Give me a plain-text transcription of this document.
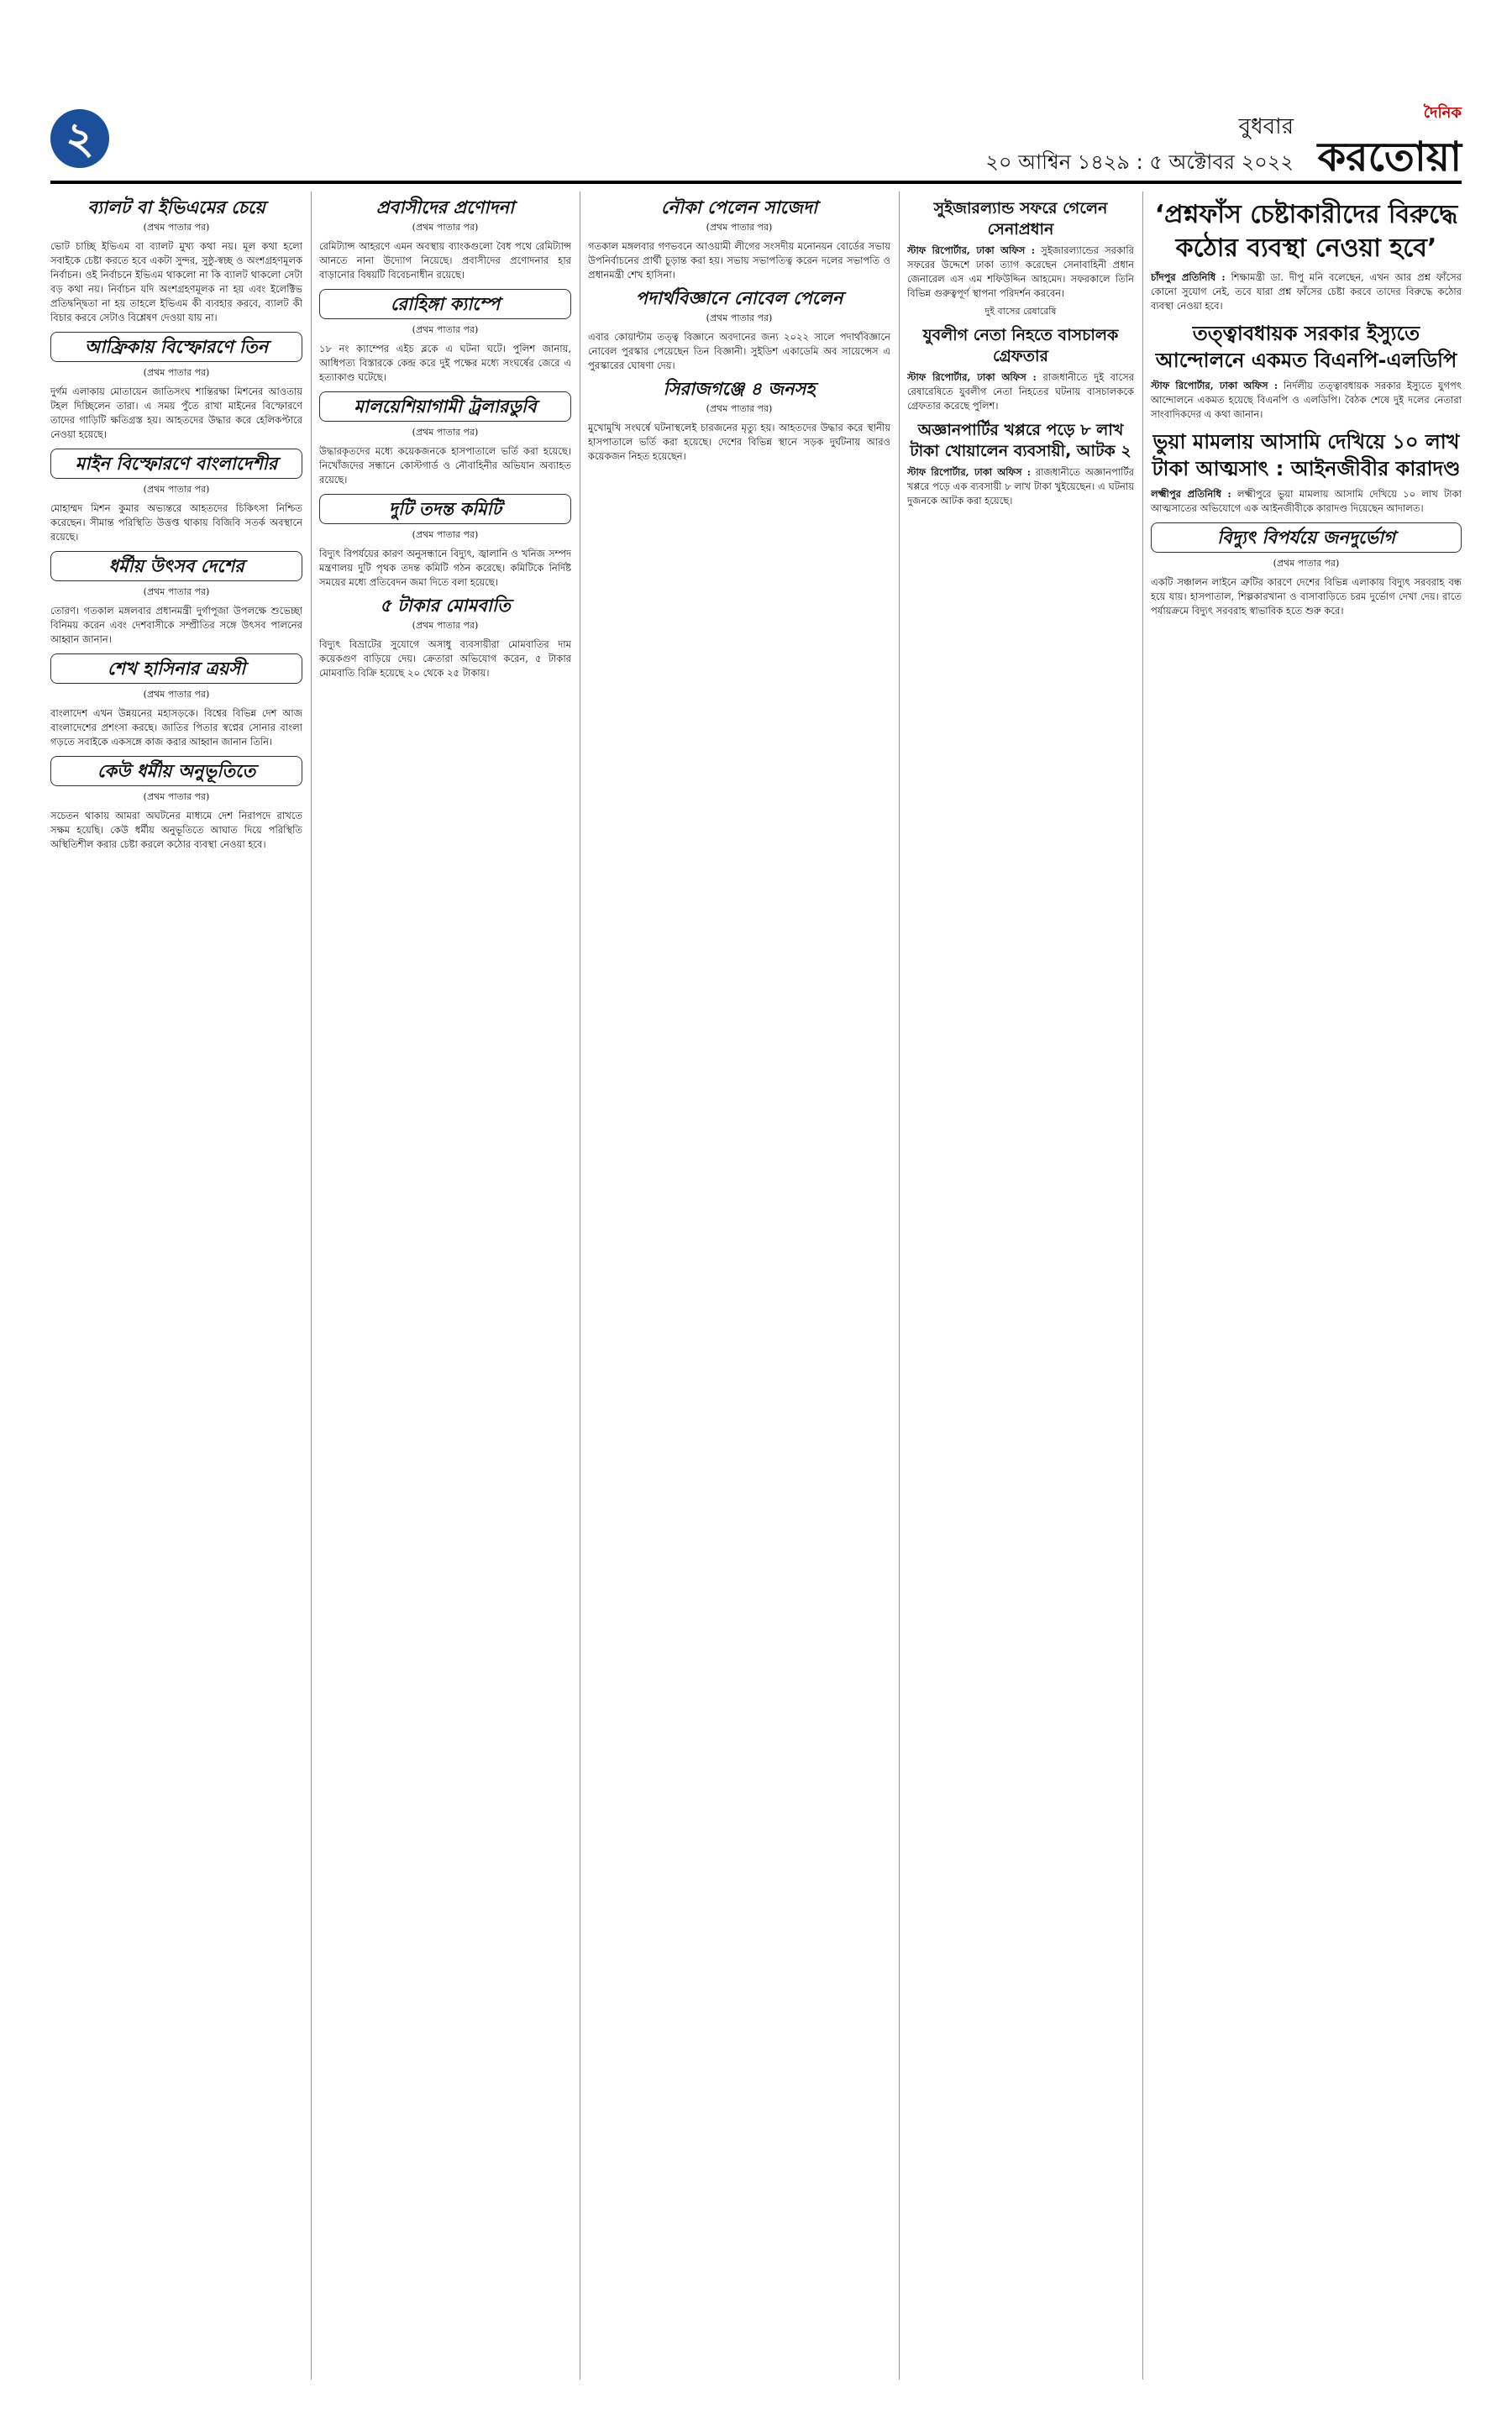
২	বুধবার
২০ আশ্বিন ১৪২৯ : ৫ অক্টোবর ২০২২
দৈনিক
করতোয়া
ব্যালট বা ইভিএমের চেয়ে
(প্রথম পাতার পর)

ভোট চাচ্ছি ইভিএম বা ব্যালট মুখ্য কথা নয়। মূল কথা হলো সবাইকে চেষ্টা করতে হবে একটা সুন্দর, সুষ্ঠু-স্বচ্ছ ও অংশগ্রহণমূলক নির্বাচন। ওই নির্বাচনে ইভিএম থাকলো না কি ব্যালট থাকলো সেটা বড় কথা নয়। নির্বাচন যদি অংশগ্রহণমূলক না হয় এবং ইলেক্টিভ প্রতিদ্বন্দ্বিতা না হয় তাহলে ইভিএম কী ব্যবহার করবে, ব্যালট কী বিচার করবে সেটাও বিশ্লেষণ দেওয়া যায় না।

আফ্রিকায় বিস্ফোরণে তিন
(প্রথম পাতার পর)

দুর্গম এলাকায় মোতায়েন জাতিসংঘ শান্তিরক্ষা মিশনের আওতায় টহল দিচ্ছিলেন তারা। এ সময় পুঁতে রাখা মাইনের বিস্ফোরণে তাদের গাড়িটি ক্ষতিগ্রস্ত হয়। আহতদের উদ্ধার করে হেলিকপ্টারে নেওয়া হয়েছে।

মাইন বিস্ফোরণে বাংলাদেশীর
(প্রথম পাতার পর)

মোহাম্মদ মিশন কুমার অভ্যন্তরে আহতদের চিকিৎসা নিশ্চিত করেছেন। সীমান্ত পরিস্থিতি উত্তপ্ত থাকায় বিজিবি সতর্ক অবস্থানে রয়েছে।

ধর্মীয় উৎসব দেশের
(প্রথম পাতার পর)

তোরণ। গতকাল মঙ্গলবার প্রধানমন্ত্রী দুর্গাপূজা উপলক্ষে শুভেচ্ছা বিনিময় করেন এবং দেশবাসীকে সম্প্রীতির সঙ্গে উৎসব পালনের আহ্বান জানান।

শেখ হাসিনার ত্রয়সী
(প্রথম পাতার পর)

বাংলাদেশ এখন উন্নয়নের মহাসড়কে। বিশ্বের বিভিন্ন দেশ আজ বাংলাদেশের প্রশংসা করছে। জাতির পিতার স্বপ্নের সোনার বাংলা গড়তে সবাইকে একসঙ্গে কাজ করার আহ্বান জানান তিনি।

কেউ ধর্মীয় অনুভূতিতে
(প্রথম পাতার পর)

সচেতন থাকায় আমরা অঘটনের মাধ্যমে দেশ নিরাপদে রাখতে সক্ষম হয়েছি। কেউ ধর্মীয় অনুভূতিতে আঘাত দিয়ে পরিস্থিতি অস্থিতিশীল করার চেষ্টা করলে কঠোর ব্যবস্থা নেওয়া হবে।

প্রবাসীদের প্রণোদনা
(প্রথম পাতার পর)

রেমিট্যান্স আহরণে এমন অবস্থায় ব্যাংকগুলো বৈধ পথে রেমিট্যান্স আনতে নানা উদ্যোগ নিয়েছে। প্রবাসীদের প্রণোদনার হার বাড়ানোর বিষয়টি বিবেচনাধীন রয়েছে।

রোহিঙ্গা ক্যাম্পে
(প্রথম পাতার পর)

১৮ নং ক্যাম্পের এইচ ব্লকে এ ঘটনা ঘটে। পুলিশ জানায়, আধিপত্য বিস্তারকে কেন্দ্র করে দুই পক্ষের মধ্যে সংঘর্ষের জেরে এ হত্যাকাণ্ড ঘটেছে।

মালয়েশিয়াগামী ট্রলারডুবি
(প্রথম পাতার পর)

উদ্ধারকৃতদের মধ্যে কয়েকজনকে হাসপাতালে ভর্তি করা হয়েছে। নিখোঁজদের সন্ধানে কোস্টগার্ড ও নৌবাহিনীর অভিযান অব্যাহত রয়েছে।

দুটি তদন্ত কমিটি
(প্রথম পাতার পর)

বিদ্যুৎ বিপর্যয়ের কারণ অনুসন্ধানে বিদ্যুৎ, জ্বালানি ও খনিজ সম্পদ মন্ত্রণালয় দুটি পৃথক তদন্ত কমিটি গঠন করেছে। কমিটিকে নির্দিষ্ট সময়ের মধ্যে প্রতিবেদন জমা দিতে বলা হয়েছে।

৫ টাকার মোমবাতি
(প্রথম পাতার পর)

বিদ্যুৎ বিভ্রাটের সুযোগে অসাধু ব্যবসায়ীরা মোমবাতির দাম কয়েকগুণ বাড়িয়ে দেয়। ক্রেতারা অভিযোগ করেন, ৫ টাকার মোমবাতি বিক্রি হয়েছে ২০ থেকে ২৫ টাকায়।

নৌকা পেলেন সাজেদা
(প্রথম পাতার পর)

গতকাল মঙ্গলবার গণভবনে আওয়ামী লীগের সংসদীয় মনোনয়ন বোর্ডের সভায় উপনির্বাচনের প্রার্থী চূড়ান্ত করা হয়। সভায় সভাপতিত্ব করেন দলের সভাপতি ও প্রধানমন্ত্রী শেখ হাসিনা।

পদার্থবিজ্ঞানে নোবেল পেলেন
(প্রথম পাতার পর)

এবার কোয়ান্টাম তত্ত্ব বিজ্ঞানে অবদানের জন্য ২০২২ সালে পদার্থবিজ্ঞানে নোবেল পুরস্কার পেয়েছেন তিন বিজ্ঞানী। সুইডিশ একাডেমি অব সায়েন্সেস এ পুরস্কারের ঘোষণা দেয়।

সিরাজগঞ্জে ৪ জনসহ
(প্রথম পাতার পর)

মুখোমুখি সংঘর্ষে ঘটনাস্থলেই চারজনের মৃত্যু হয়। আহতদের উদ্ধার করে স্থানীয় হাসপাতালে ভর্তি করা হয়েছে। দেশের বিভিন্ন স্থানে সড়ক দুর্ঘটনায় আরও কয়েকজন নিহত হয়েছেন।

সুইজারল্যান্ড সফরে গেলেন সেনাপ্রধান

স্টাফ রিপোর্টার, ঢাকা অফিস : সুইজারল্যান্ডের সরকারি সফরের উদ্দেশে ঢাকা ত্যাগ করেছেন সেনাবাহিনী প্রধান জেনারেল এস এম শফিউদ্দিন আহমেদ। সফরকালে তিনি বিভিন্ন গুরুত্বপূর্ণ স্থাপনা পরিদর্শন করবেন।

দুই বাসের রেষারেষি
যুবলীগ নেতা নিহতে বাসচালক গ্রেফতার

স্টাফ রিপোর্টার, ঢাকা অফিস : রাজধানীতে দুই বাসের রেষারেষিতে যুবলীগ নেতা নিহতের ঘটনায় বাসচালককে গ্রেফতার করেছে পুলিশ।

অজ্ঞানপার্টির খপ্পরে পড়ে ৮ লাখ টাকা খোয়ালেন ব্যবসায়ী, আটক ২

স্টাফ রিপোর্টার, ঢাকা অফিস : রাজধানীতে অজ্ঞানপার্টির খপ্পরে পড়ে এক ব্যবসায়ী ৮ লাখ টাকা খুইয়েছেন। এ ঘটনায় দুজনকে আটক করা হয়েছে।

‘প্রশ্নফাঁস চেষ্টাকারীদের বিরুদ্ধে কঠোর ব্যবস্থা নেওয়া হবে’

চাঁদপুর প্রতিনিধি : শিক্ষামন্ত্রী ডা. দীপু মনি বলেছেন, এখন আর প্রশ্ন ফাঁসের কোনো সুযোগ নেই, তবে যারা প্রশ্ন ফাঁসের চেষ্টা করবে তাদের বিরুদ্ধে কঠোর ব্যবস্থা নেওয়া হবে।

তত্ত্বাবধায়ক সরকার ইস্যুতে আন্দোলনে একমত বিএনপি-এলডিপি

স্টাফ রিপোর্টার, ঢাকা অফিস : নির্দলীয় তত্ত্বাবধায়ক সরকার ইস্যুতে যুগপৎ আন্দোলনে একমত হয়েছে বিএনপি ও এলডিপি। বৈঠক শেষে দুই দলের নেতারা সাংবাদিকদের এ কথা জানান।

ভুয়া মামলায় আসামি দেখিয়ে ১০ লাখ টাকা আত্মসাৎ : আইনজীবীর কারাদণ্ড

লক্ষ্মীপুর প্রতিনিধি : লক্ষ্মীপুরে ভুয়া মামলায় আসামি দেখিয়ে ১০ লাখ টাকা আত্মসাতের অভিযোগে এক আইনজীবীকে কারাদণ্ড দিয়েছেন আদালত।

বিদ্যুৎ বিপর্যয়ে জনদুর্ভোগ
(প্রথম পাতার পর)

একটি সঞ্চালন লাইনে ত্রুটির কারণে দেশের বিভিন্ন এলাকায় বিদ্যুৎ সরবরাহ বন্ধ হয়ে যায়। হাসপাতাল, শিল্পকারখানা ও বাসাবাড়িতে চরম দুর্ভোগ দেখা দেয়। রাতে পর্যায়ক্রমে বিদ্যুৎ সরবরাহ স্বাভাবিক হতে শুরু করে।
